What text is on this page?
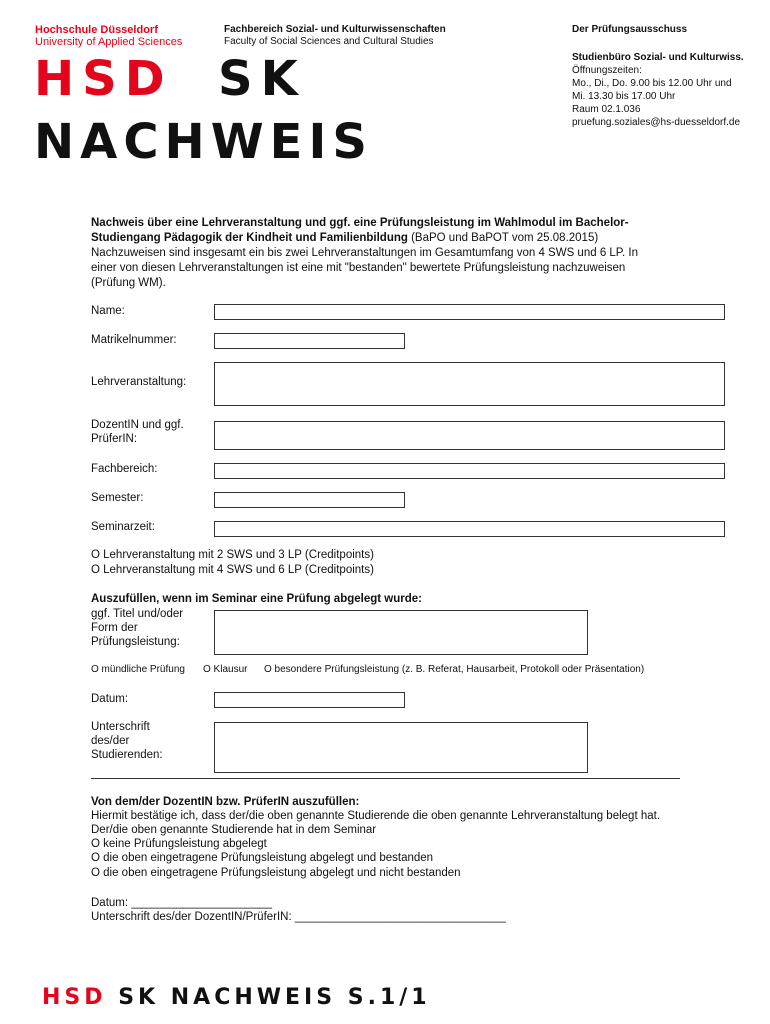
Hochschule Düsseldorf
University of Applied Sciences
Fachbereich Sozial- und Kulturwissenschaften
Faculty of Social Sciences and Cultural Studies
Der Prüfungsausschuss
Studienbüro Sozial- und Kulturwiss.
Öffnungszeiten:
Mo., Di., Do. 9.00 bis 12.00 Uhr und
Mi. 13.30 bis 17.00 Uhr
Raum 02.1.036
pruefung.soziales@hs-duesseldorf.de
HSD SK
NACHWEIS
Nachweis über eine Lehrveranstaltung und ggf. eine Prüfungsleistung im Wahlmodul im Bachelor-Studiengang Pädagogik der Kindheit und Familienbildung (BaPO und BaPOT vom 25.08.2015) Nachzuweisen sind insgesamt ein bis zwei Lehrveranstaltungen im Gesamtumfang von 4 SWS und 6 LP. In einer von diesen Lehrveranstaltungen ist eine mit "bestanden" bewertete Prüfungsleistung nachzuweisen (Prüfung WM).
Name:
Matrikelnummer:
Lehrveranstaltung:
DozentIN und ggf.
PrüferIN:
Fachbereich:
Semester:
Seminarzeit:
O Lehrveranstaltung mit 2 SWS und 3 LP (Creditpoints)
O Lehrveranstaltung mit 4 SWS und 6 LP (Creditpoints)
Auszufüllen, wenn im Seminar eine Prüfung abgelegt wurde:
ggf. Titel und/oder
Form der
Prüfungsleistung:
O mündliche Prüfung O Klausur O besondere Prüfungsleistung (z. B. Referat, Hausarbeit, Protokoll oder Präsentation)
Datum:
Unterschrift
des/der
Studierenden:
Von dem/der DozentIN bzw. PrüferIN auszufüllen:
Hiermit bestätige ich, dass der/die oben genannte Studierende die oben genannte Lehrveranstaltung belegt hat.
Der/die oben genannte Studierende hat in dem Seminar
O keine Prüfungsleistung abgelegt
O die oben eingetragene Prüfungsleistung abgelegt und bestanden
O die oben eingetragene Prüfungsleistung abgelegt und nicht bestanden
Datum: ______________________
Unterschrift des/der DozentIN/PrüferIN: _________________________________
HSD SK NACHWEIS S.1/1
